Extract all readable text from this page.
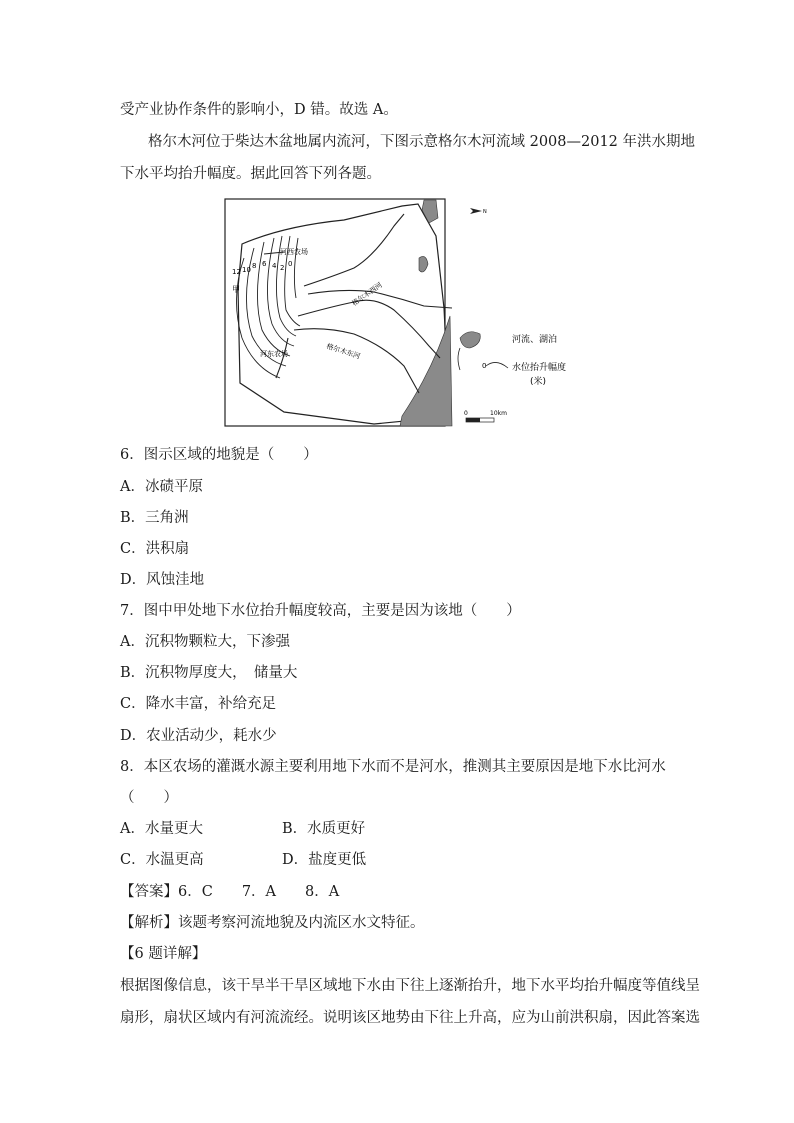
受产业协作条件的影响小，D 错。故选 A。
格尔木河位于柴达木盆地属内流河，下图示意格尔木河流域 2008—2012 年洪水期地
下水平均抬升幅度。据此回答下列各题。
河西农场
河东农场
格尔木西河
格尔木东河
甲
12 10 8 6 4 2 0
N
河流、湖泊
0	水位抬升幅度
(米)
0	10km
6．图示区域的地貌是（　　）
A．冰碛平原
B．三角洲
C．洪积扇
D．风蚀洼地
7．图中甲处地下水位抬升幅度较高，主要是因为该地（　　）
A．沉积物颗粒大，下渗强
B．沉积物厚度大，　储量大
C．降水丰富，补给充足
D．农业活动少，耗水少
8．本区农场的灌溉水源主要利用地下水而不是河水，推测其主要原因是地下水比河水
（　　）
A．水量更大	B．水质更好
C．水温更高	D．盐度更低
【答案】6．C　　7．A　　8．A
【解析】该题考察河流地貌及内流区水文特征。
【6 题详解】
根据图像信息，该干旱半干旱区域地下水由下往上逐渐抬升，地下水平均抬升幅度等值线呈
扇形，扇状区域内有河流流经。说明该区地势由下往上升高，应为山前洪积扇，因此答案选
